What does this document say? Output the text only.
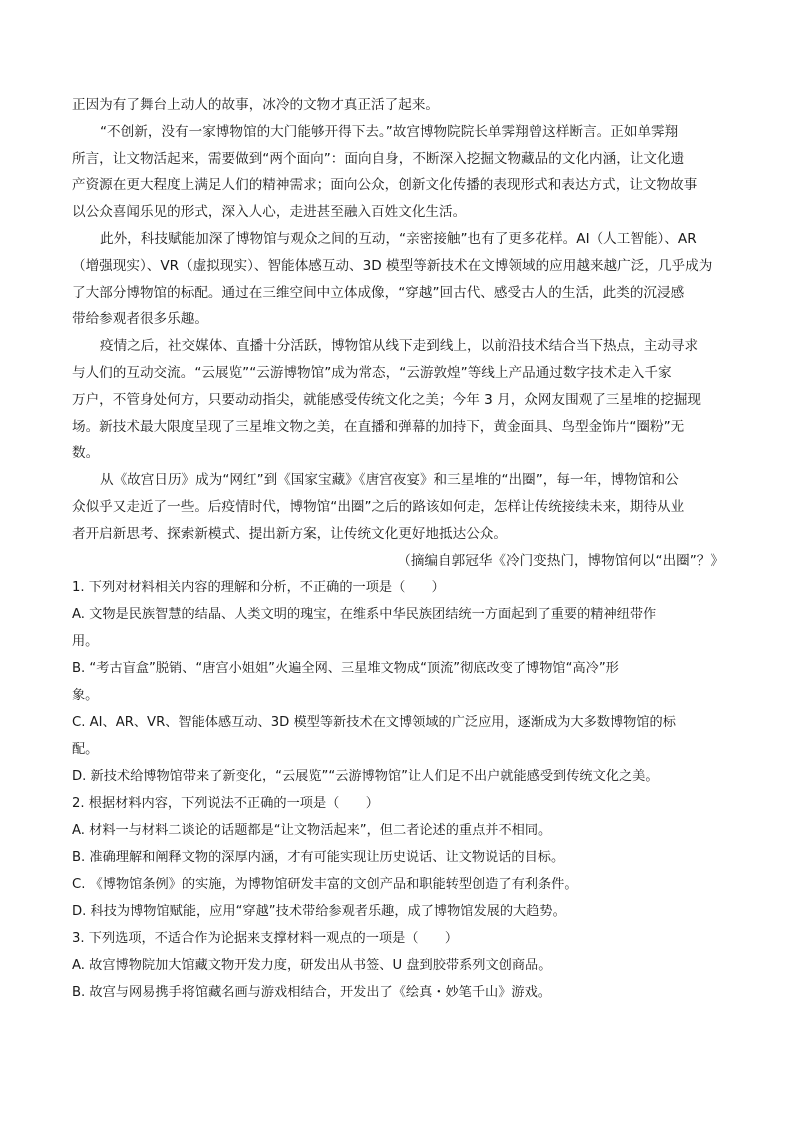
正因为有了舞台上动人的故事，冰冷的文物才真正活了起来。
“不创新，没有一家博物馆的大门能够开得下去。”故宫博物院院长单霁翔曾这样断言。正如单霁翔
所言，让文物活起来，需要做到“两个面向”：面向自身，不断深入挖掘文物藏品的文化内涵，让文化遗
产资源在更大程度上满足人们的精神需求；面向公众，创新文化传播的表现形式和表达方式，让文物故事
以公众喜闻乐见的形式，深入人心，走进甚至融入百姓文化生活。
此外，科技赋能加深了博物馆与观众之间的互动，“亲密接触”也有了更多花样。AI（人工智能）、AR
（增强现实）、VR（虚拟现实）、智能体感互动、3D 模型等新技术在文博领域的应用越来越广泛，几乎成为
了大部分博物馆的标配。通过在三维空间中立体成像，“穿越”回古代、感受古人的生活，此类的沉浸感
带给参观者很多乐趣。
疫情之后，社交媒体、直播十分活跃，博物馆从线下走到线上，以前沿技术结合当下热点，主动寻求
与人们的互动交流。“云展览”“云游博物馆”成为常态，“云游敦煌”等线上产品通过数字技术走入千家
万户，不管身处何方，只要动动指尖，就能感受传统文化之美；今年 3 月，众网友围观了三星堆的挖掘现
场。新技术最大限度呈现了三星堆文物之美，在直播和弹幕的加持下，黄金面具、鸟型金饰片“圈粉”无
数。
从《故宫日历》成为“网红”到《国家宝藏》《唐宫夜宴》和三星堆的“出圈”，每一年，博物馆和公
众似乎又走近了一些。后疫情时代，博物馆“出圈”之后的路该如何走，怎样让传统接续未来，期待从业
者开启新思考、探索新模式、提出新方案，让传统文化更好地抵达公众。
（摘编自郭冠华《冷门变热门，博物馆何以“出圈”？》
1. 下列对材料相关内容的理解和分析，不正确的一项是（　　）
A. 文物是民族智慧的结晶、人类文明的瑰宝，在维系中华民族团结统一方面起到了重要的精神纽带作
用。
B. “考古盲盒”脱销、“唐宫小姐姐”火遍全网、三星堆文物成“顶流”彻底改变了博物馆“高冷”形
象。
C. AI、AR、VR、智能体感互动、3D 模型等新技术在文博领域的广泛应用，逐渐成为大多数博物馆的标
配。
D. 新技术给博物馆带来了新变化，“云展览”“云游博物馆”让人们足不出户就能感受到传统文化之美。
2. 根据材料内容，下列说法不正确的一项是（　　）
A. 材料一与材料二谈论的话题都是“让文物活起来”，但二者论述的重点并不相同。
B. 准确理解和阐释文物的深厚内涵，才有可能实现让历史说话、让文物说话的目标。
C. 《博物馆条例》的实施，为博物馆研发丰富的文创产品和职能转型创造了有利条件。
D. 科技为博物馆赋能，应用“穿越”技术带给参观者乐趣，成了博物馆发展的大趋势。
3. 下列选项，不适合作为论据来支撑材料一观点的一项是（　　）
A. 故宫博物院加大馆藏文物开发力度，研发出从书签、U 盘到胶带系列文创商品。
B. 故宫与网易携手将馆藏名画与游戏相结合，开发出了《绘真・妙笔千山》游戏。
